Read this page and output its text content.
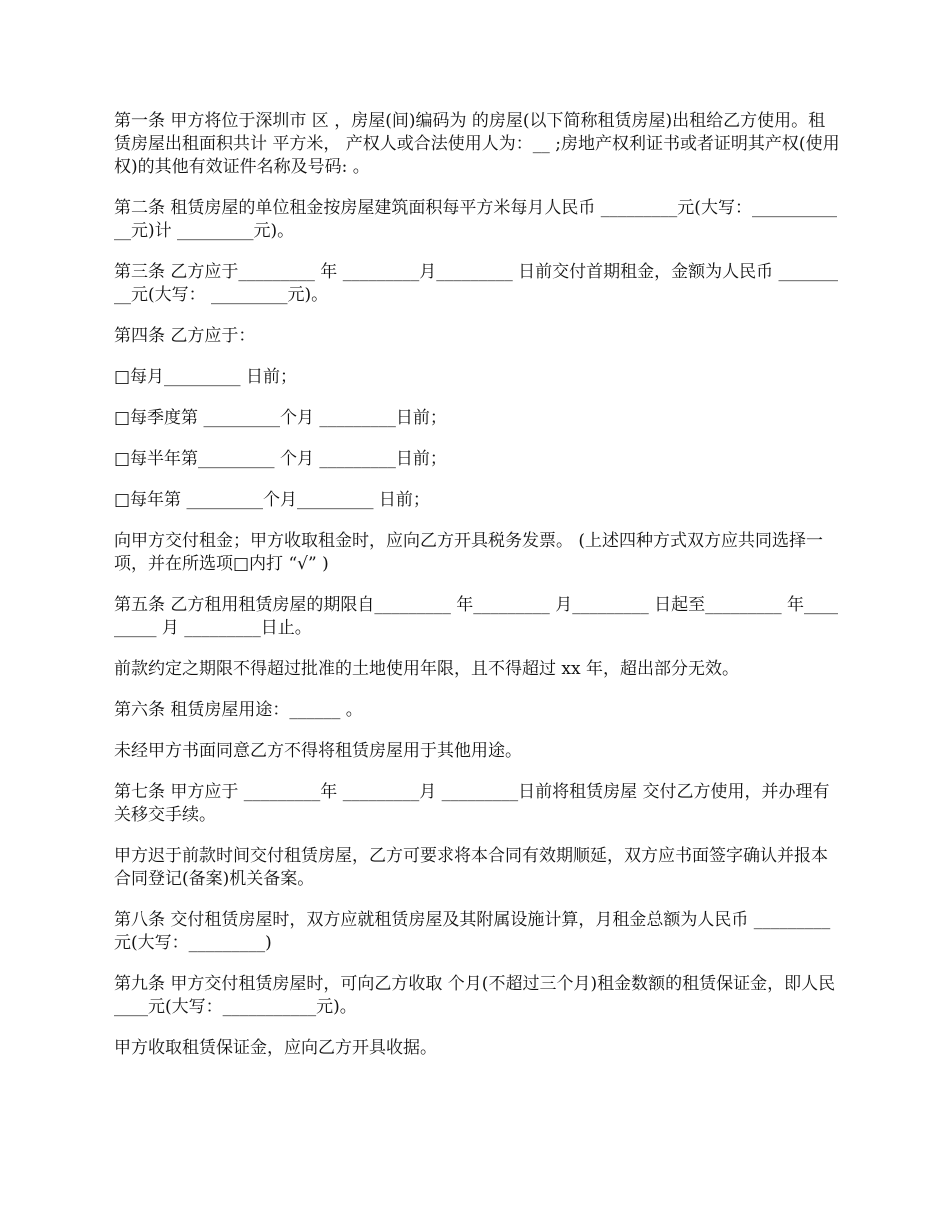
第一条 甲方将位于深圳市 区 ，房屋(间)编码为 的房屋(以下简称租赁房屋)出租给乙方使用。租赁房屋出租面积共计 平方米， 产权人或合法使用人为：__ ;房地产权利证书或者证明其产权(使用权)的其他有效证件名称及号码: 。

第二条 租赁房屋的单位租金按房屋建筑面积每平方米每月人民币 _________元(大写：____________元)计 _________元)。

第三条 乙方应于_________ 年 _________月_________ 日前交付首期租金，金额为人民币 _________元(大写： _________元)。

第四条 乙方应于：

□每月_________ 日前；

□每季度第 _________个月 _________日前；

□每半年第_________ 个月 _________日前；

□每年第 _________个月_________ 日前；

向甲方交付租金；甲方收取租金时，应向乙方开具税务发票。 (上述四种方式双方应共同选择一项，并在所选项□内打 “√” )

第五条 乙方租用租赁房屋的期限自_________ 年_________ 月_________ 日起至_________ 年_________ 月 _________日止。

前款约定之期限不得超过批准的土地使用年限，且不得超过 xx 年，超出部分无效。

第六条 租赁房屋用途：______ 。

未经甲方书面同意乙方不得将租赁房屋用于其他用途。

第七条 甲方应于 _________年 _________月 _________日前将租赁房屋 交付乙方使用，并办理有关移交手续。

甲方迟于前款时间交付租赁房屋，乙方可要求将本合同有效期顺延，双方应书面签字确认并报本合同登记(备案)机关备案。

第八条 交付租赁房屋时，双方应就租赁房屋及其附属设施计算，月租金总额为人民币 _________元(大写：_________)

第九条 甲方交付租赁房屋时，可向乙方收取 个月(不超过三个月)租金数额的租赁保证金，即人民____元(大写：___________元)。

甲方收取租赁保证金，应向乙方开具收据。
